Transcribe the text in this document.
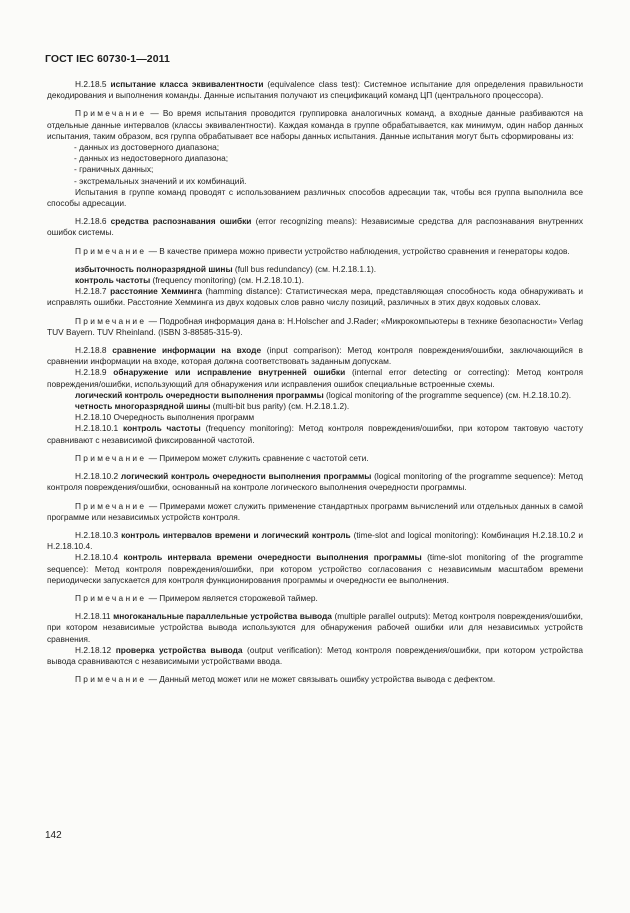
ГОСТ IEC 60730-1—2011

Н.2.18.5 испытание класса эквивалентности (equivalence class test): Системное испытание для определения правильности декодирования и выполнения команды. Данные испытания получают из спецификаций команд ЦП (центрального процессора).

Примечание — Во время испытания проводится группировка аналогичных команд, а входные данные разбиваются на отдельные данные интервалов (классы эквивалентности). Каждая команда в группе обрабатывается, как минимум, один набор данных испытания, таким образом, вся группа обрабатывает все наборы данных испытания. Данные испытания могут быть сформированы из:

- данных из достоверного диапазона;

- данных из недостоверного диапазона;

- граничных данных;

- экстремальных значений и их комбинаций.

Испытания в группе команд проводят с использованием различных способов адресации так, чтобы вся группа выполнила все способы адресации.

Н.2.18.6 средства распознавания ошибки (error recognizing means): Независимые средства для распознавания внутренних ошибок системы.

Примечание — В качестве примера можно привести устройство наблюдения, устройство сравнения и генераторы кодов.

избыточность полноразрядной шины (full bus redundancy) (см. Н.2.18.1.1).

контроль частоты (frequency monitoring) (см. Н.2.18.10.1).

Н.2.18.7 расстояние Хемминга (hamming distance): Статистическая мера, представляющая способность кода обнаруживать и исправлять ошибки. Расстояние Хемминга из двух кодовых слов равно числу позиций, различных в этих двух кодовых словах.

Примечание — Подробная информация дана в: H.Holscher and J.Rader; «Микрокомпьютеры в технике безопасности» Verlag TUV Bayern. TUV Rheinland. (ISBN 3-88585-315-9).

Н.2.18.8 сравнение информации на входе (input comparison): Метод контроля повреждения/ошибки, заключающийся в сравнении информации на входе, которая должна соответствовать заданным допускам.

Н.2.18.9 обнаружение или исправление внутренней ошибки (internal error detecting or correcting): Метод контроля повреждения/ошибки, использующий для обнаружения или исправления ошибок специальные встроенные схемы.

логический контроль очередности выполнения программы (logical monitoring of the programme sequence) (см. Н.2.18.10.2).

четность многоразрядной шины (multi-bit bus parity) (см. Н.2.18.1.2).

Н.2.18.10 Очередность выполнения программ

Н.2.18.10.1 контроль частоты (frequency monitoring): Метод контроля повреждения/ошибки, при котором тактовую частоту сравнивают с независимой фиксированной частотой.

Примечание — Примером может служить сравнение с частотой сети.

Н.2.18.10.2 логический контроль очередности выполнения программы (logical monitoring of the programme sequence): Метод контроля повреждения/ошибки, основанный на контроле логического выполнения очередности программы.

Примечание — Примерами может служить применение стандартных программ вычислений или отдельных данных в самой программе или независимых устройств контроля.

Н.2.18.10.3 контроль интервалов времени и логический контроль (time-slot and logical monitoring): Комбинация Н.2.18.10.2 и Н.2.18.10.4.

Н.2.18.10.4 контроль интервала времени очередности выполнения программы (time-slot monitoring of the programme sequence): Метод контроля повреждения/ошибки, при котором устройство согласования с независимым масштабом времени периодически запускается для контроля функционирования программы и очередности ее выполнения.

Примечание — Примером является сторожевой таймер.

Н.2.18.11 многоканальные параллельные устройства вывода (multiple parallel outputs): Метод контроля повреждения/ошибки, при котором независимые устройства вывода используются для обнаружения рабочей ошибки или для независимых устройств сравнения.

Н.2.18.12 проверка устройства вывода (output verification): Метод контроля повреждения/ошибки, при котором устройства вывода сравниваются с независимыми устройствами ввода.

Примечание — Данный метод может или не может связывать ошибку устройства вывода с дефектом.

142
